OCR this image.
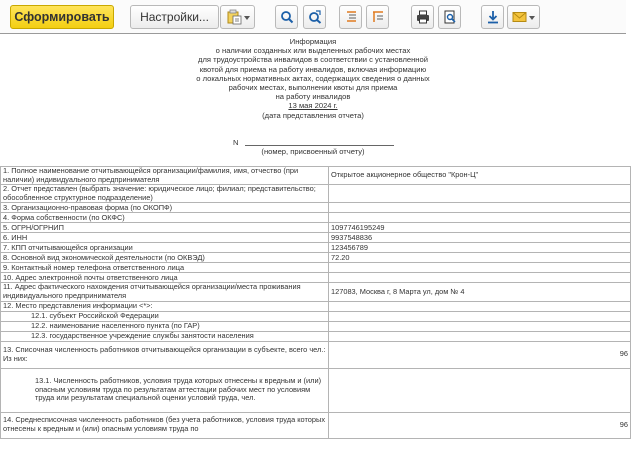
Сформировать	Настройки...
Информация
о наличии созданных или выделенных рабочих местах
для трудоустройства инвалидов в соответствии с установленной
квотой для приема на работу инвалидов, включая информацию
о локальных нормативных актах, содержащих сведения о данных
рабочих местах, выполнении квоты для приема
на работу инвалидов
13 мая 2024 г.
(дата представления отчета)
N
(номер, присвоенный отчету)
1. Полное наименование отчитывающейся организации/фамилия, имя, отчество (при наличии) индивидуального предпринимателя	Открытое акционерное общество "Крон-Ц"
2. Отчет представлен (выбрать значение: юридическое лицо; филиал; представительство; обособленное структурное подразделение)	
3. Организационно-правовая форма (по ОКОПФ)	
4. Форма собственности (по ОКФС)	
5. ОГРН/ОГРНИП	1097746195249
6. ИНН	9937548836
7. КПП отчитывающейся организации	123456789
8. Основной вид экономической деятельности (по ОКВЭД)	72.20
9. Контактный номер телефона ответственного лица	
10. Адрес электронной почты ответственного лица	
11. Адрес фактического нахождения отчитывающейся организации/места проживания индивидуального предпринимателя	127083, Москва г, 8 Марта ул, дом № 4
12. Место представления информации <*>:	
12.1. субъект Российской Федерации	
12.2. наименование населенного пункта (по ГАР)	
12.3. государственное учреждение службы занятости населения	

13. Списочная численность работников отчитывающейся организации в субъекте, всего чел.:
Из них:	96
13.1. Численность работников, условия труда которых отнесены к вредным и (или) опасным условиям труда по результатам аттестации рабочих мест по условиям труда или результатам специальной оценки условий труда, чел.	
14. Среднесписочная численность работников (без учета работников, условия труда которых отнесены к вредным и (или) опасным условиям труда по	96
